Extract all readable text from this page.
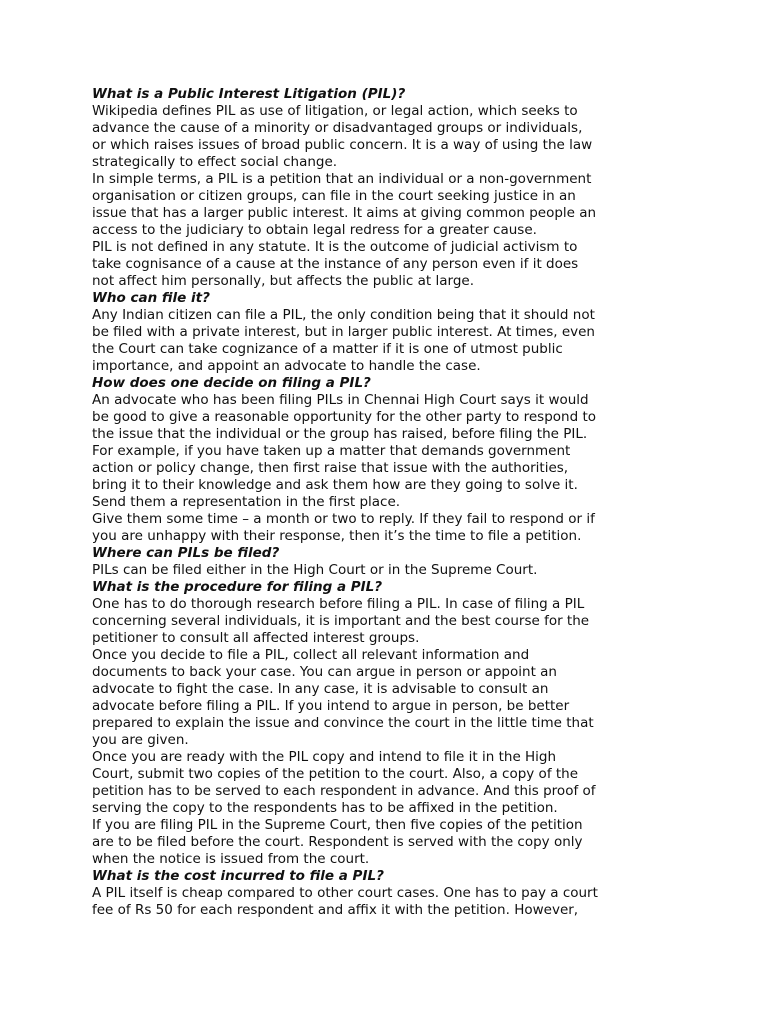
What is a Public Interest Litigation (PIL)?
Wikipedia defines PIL as use of litigation, or legal action, which seeks to
advance the cause of a minority or disadvantaged groups or individuals,
or which raises issues of broad public concern. It is a way of using the law
strategically to effect social change.
In simple terms, a PIL is a petition that an individual or a non-government
organisation or citizen groups, can file in the court seeking justice in an
issue that has a larger public interest. It aims at giving common people an
access to the judiciary to obtain legal redress for a greater cause.
PIL is not defined in any statute. It is the outcome of judicial activism to
take cognisance of a cause at the instance of any person even if it does
not affect him personally, but affects the public at large.
Who can file it?
Any Indian citizen can file a PIL, the only condition being that it should not
be filed with a private interest, but in larger public interest. At times, even
the Court can take cognizance of a matter if it is one of utmost public
importance, and appoint an advocate to handle the case.
How does one decide on filing a PIL?
An advocate who has been filing PILs in Chennai High Court says it would
be good to give a reasonable opportunity for the other party to respond to
the issue that the individual or the group has raised, before filing the PIL.
For example, if you have taken up a matter that demands government
action or policy change, then first raise that issue with the authorities,
bring it to their knowledge and ask them how are they going to solve it.
Send them a representation in the first place.
Give them some time – a month or two to reply. If they fail to respond or if
you are unhappy with their response, then it’s the time to file a petition.
Where can PILs be filed?
PILs can be filed either in the High Court or in the Supreme Court.
What is the procedure for filing a PIL?
One has to do thorough research before filing a PIL. In case of filing a PIL
concerning several individuals, it is important and the best course for the
petitioner to consult all affected interest groups.
Once you decide to file a PIL, collect all relevant information and
documents to back your case. You can argue in person or appoint an
advocate to fight the case. In any case, it is advisable to consult an
advocate before filing a PIL. If you intend to argue in person, be better
prepared to explain the issue and convince the court in the little time that
you are given.
Once you are ready with the PIL copy and intend to file it in the High
Court, submit two copies of the petition to the court. Also, a copy of the
petition has to be served to each respondent in advance. And this proof of
serving the copy to the respondents has to be affixed in the petition.
If you are filing PIL in the Supreme Court, then five copies of the petition
are to be filed before the court. Respondent is served with the copy only
when the notice is issued from the court.
What is the cost incurred to file a PIL?
A PIL itself is cheap compared to other court cases. One has to pay a court
fee of Rs 50 for each respondent and affix it with the petition. However,
